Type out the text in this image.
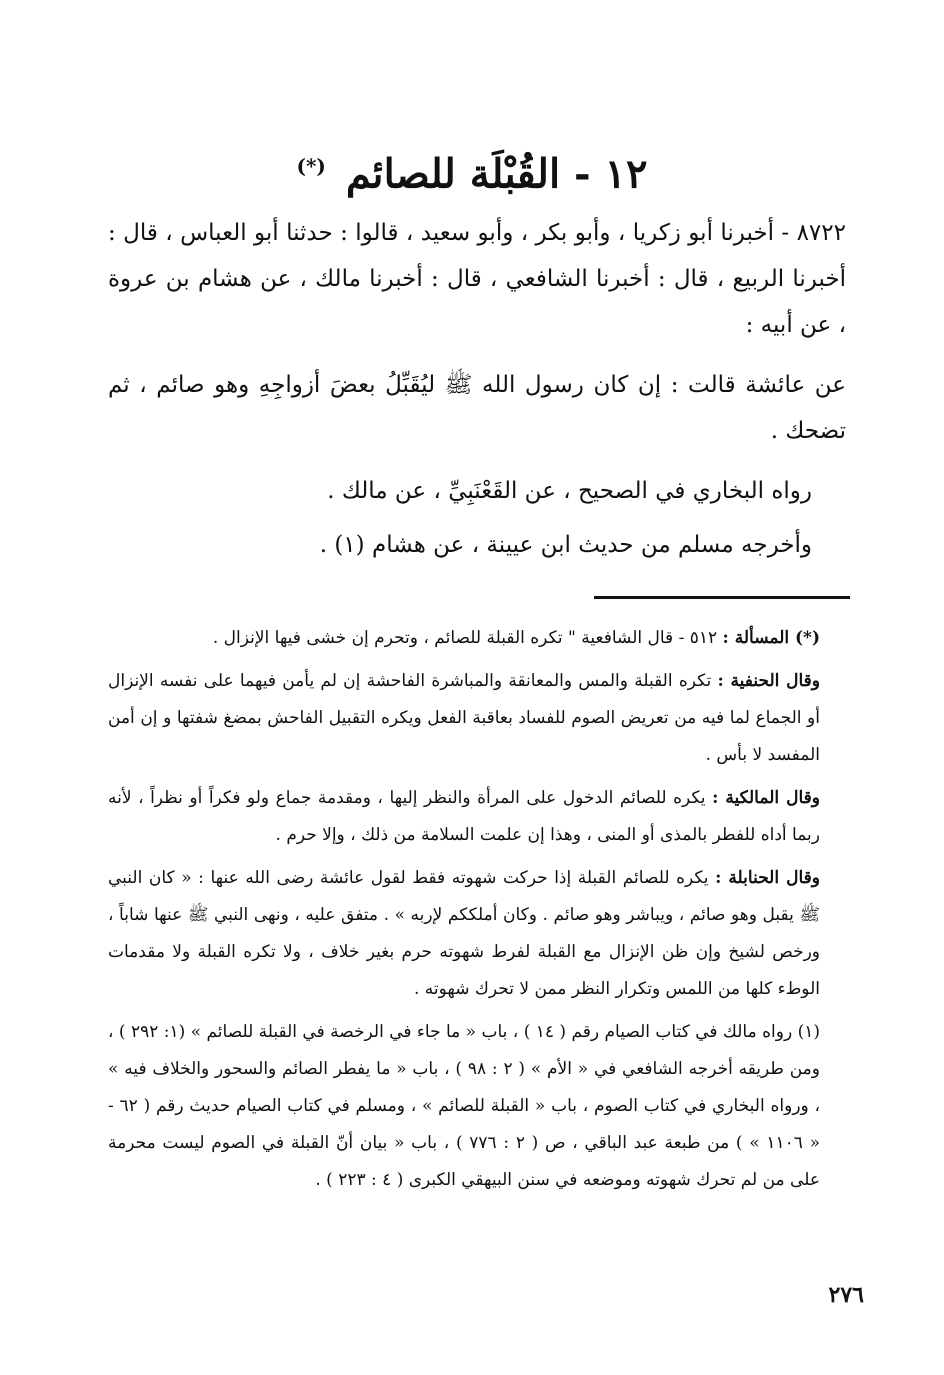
١٢ - القُبْلَة للصائم (*)

٨٧٢٢ - أخبرنا أبو زكريا ، وأبو بكر ، وأبو سعيد ، قالوا : حدثنا أبو العباس ، قال : أخبرنا الربيع ، قال : أخبرنا الشافعي ، قال : أخبرنا مالك ، عن هشام بن عروة ، عن أبيه :

عن عائشة قالت : إن كان رسول الله ﷺ ليُقَبِّلُ بعضَ أزواجِهِ وهو صائم ، ثم تضحك .

رواه البخاري في الصحيح ، عن القَعْنَبِيِّ ، عن مالك .

وأخرجه مسلم من حديث ابن عيينة ، عن هشام (١) .

(*) المسألة : ٥١٢ - قال الشافعية " تكره القبلة للصائم ، وتحرم إن خشى فيها الإنزال .

وقال الحنفية : تكره القبلة والمس والمعانقة والمباشرة الفاحشة إن لم يأمن فيهما على نفسه الإنزال أو الجماع لما فيه من تعريض الصوم للفساد بعاقبة الفعل ويكره التقبيل الفاحش بمضغ شفتها و إن أمن المفسد لا بأس .

وقال المالكية : يكره للصائم الدخول على المرأة والنظر إليها ، ومقدمة جماع ولو فكراً أو نظراً ، لأنه ربما أداه للفطر بالمذى أو المنى ، وهذا إن علمت السلامة من ذلك ، وإلا حرم .

وقال الحنابلة : يكره للصائم القبلة إذا حركت شهوته فقط لقول عائشة رضى الله عنها : « كان النبي ﷺ يقبل وهو صائم ، ويباشر وهو صائم . وكان أملككم لإربه » . متفق عليه ، ونهى النبي ﷺ عنها شاباً ، ورخص لشيخ وإن ظن الإنزال مع القبلة لفرط شهوته حرم بغير خلاف ، ولا تكره القبلة ولا مقدمات الوطء كلها من اللمس وتكرار النظر ممن لا تحرك شهوته .

(١) رواه مالك في كتاب الصيام رقم ( ١٤ ) ، باب « ما جاء في الرخصة في القبلة للصائم » (١: ٢٩٢ ) ، ومن طريقه أخرجه الشافعي في « الأم » ( ٢ : ٩٨ ) ، باب « ما يفطر الصائم والسحور والخلاف فيه » ، ورواه البخاري في كتاب الصوم ، باب « القبلة للصائم » ، ومسلم في كتاب الصيام حديث رقم ( ٦٢ - « ١١٠٦ » ) من طبعة عبد الباقي ، ص ( ٢ : ٧٧٦ ) ، باب « بيان أنّ القبلة في الصوم ليست محرمة على من لم تحرك شهوته وموضعه في سنن البيهقي الكبرى ( ٤ : ٢٢٣ ) .

٢٧٦
